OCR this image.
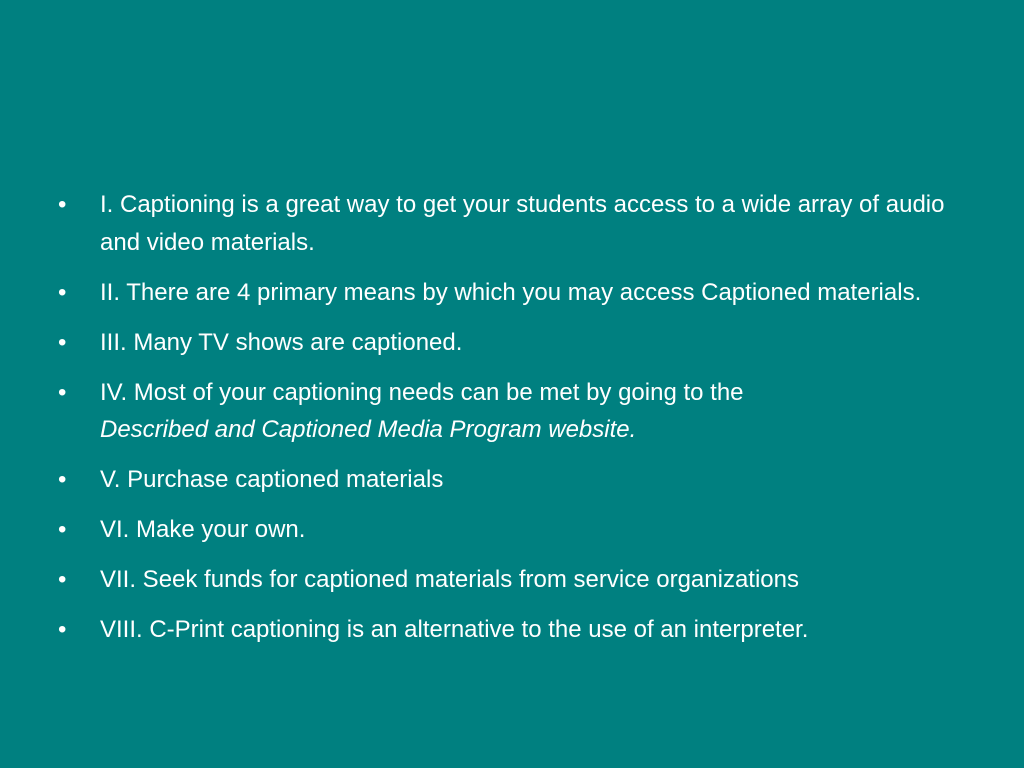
•	I. Captioning is a great way to get your students access to a wide array of audio and video materials.
•	II. There are 4 primary means by which you may access Captioned materials.
•	III. Many TV shows are captioned.
•	IV. Most of your captioning needs can be met by going to the
Described and Captioned Media Program website.
•	V. Purchase captioned materials
•	VI. Make your own.
•	VII. Seek funds for captioned materials from service organizations
•	VIII. C-Print captioning is an alternative to the use of an interpreter.
